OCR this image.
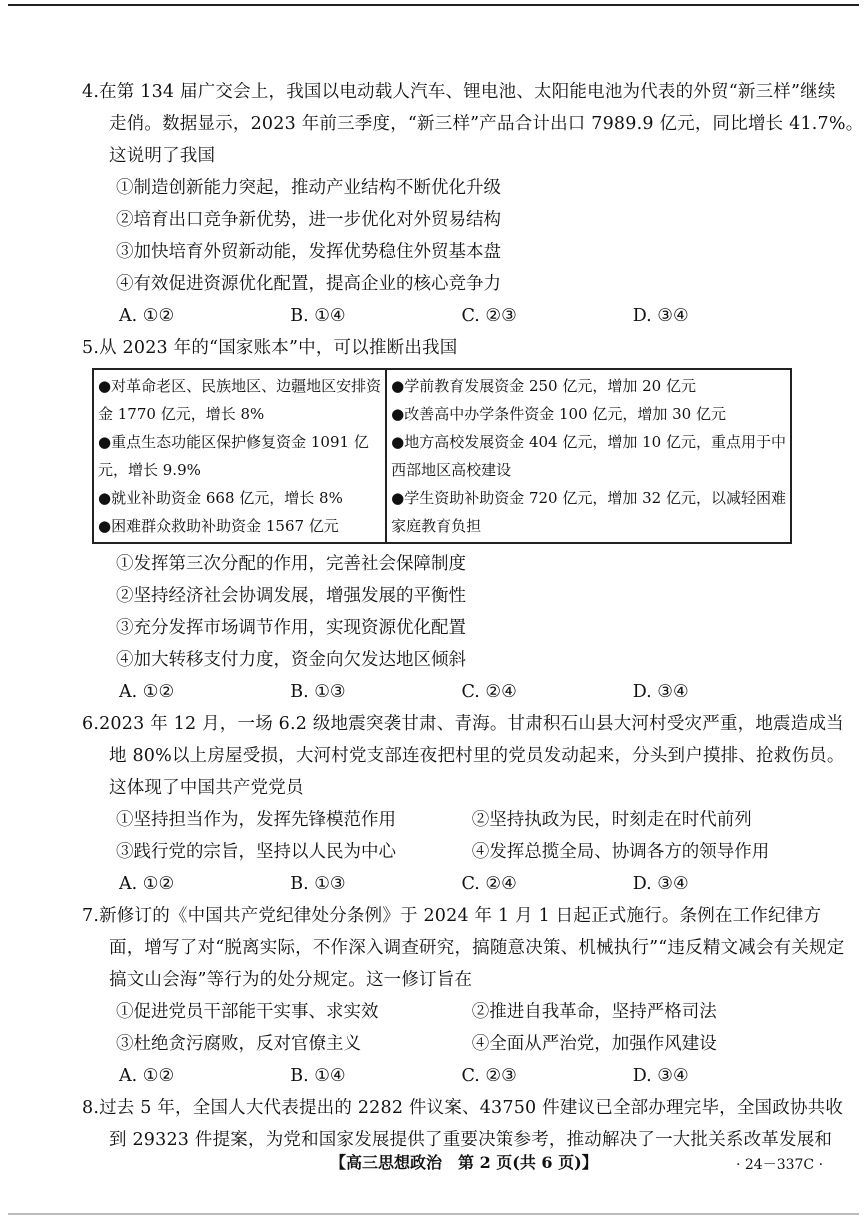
4.在第 134 届广交会上，我国以电动载人汽车、锂电池、太阳能电池为代表的外贸“新三样”继续
走俏。数据显示，2023 年前三季度，“新三样”产品合计出口 7989.9 亿元，同比增长 41.7%。
这说明了我国
①制造创新能力突起，推动产业结构不断优化升级
②培育出口竞争新优势，进一步优化对外贸易结构
③加快培育外贸新动能，发挥优势稳住外贸基本盘
④有效促进资源优化配置，提高企业的核心竞争力
A. ①②	B. ①④	C. ②③	D. ③④
5.从 2023 年的“国家账本”中，可以推断出我国
●对革命老区、民族地区、边疆地区安排资
金 1770 亿元，增长 8%
●重点生态功能区保护修复资金 1091 亿
元，增长 9.9%
●就业补助资金 668 亿元，增长 8%
●困难群众救助补助资金 1567 亿元

●学前教育发展资金 250 亿元，增加 20 亿元
●改善高中办学条件资金 100 亿元，增加 30 亿元
●地方高校发展资金 404 亿元，增加 10 亿元，重点用于中
西部地区高校建设
●学生资助补助资金 720 亿元，增加 32 亿元，以减轻困难
家庭教育负担
①发挥第三次分配的作用，完善社会保障制度
②坚持经济社会协调发展，增强发展的平衡性
③充分发挥市场调节作用，实现资源优化配置
④加大转移支付力度，资金向欠发达地区倾斜
A. ①②	B. ①③	C. ②④	D. ③④
6.2023 年 12 月，一场 6.2 级地震突袭甘肃、青海。甘肃积石山县大河村受灾严重，地震造成当
地 80%以上房屋受损，大河村党支部连夜把村里的党员发动起来，分头到户摸排、抢救伤员。
这体现了中国共产党党员
①坚持担当作为，发挥先锋模范作用	②坚持执政为民，时刻走在时代前列
③践行党的宗旨，坚持以人民为中心	④发挥总揽全局、协调各方的领导作用
A. ①②	B. ①③	C. ②④	D. ③④
7.新修订的《中国共产党纪律处分条例》于 2024 年 1 月 1 日起正式施行。条例在工作纪律方
面，增写了对“脱离实际，不作深入调查研究，搞随意决策、机械执行”“违反精文减会有关规定
搞文山会海”等行为的处分规定。这一修订旨在
①促进党员干部能干实事、求实效	②推进自我革命，坚持严格司法
③杜绝贪污腐败，反对官僚主义	④全面从严治党，加强作风建设
A. ①②	B. ①④	C. ②③	D. ③④
8.过去 5 年，全国人大代表提出的 2282 件议案、43750 件建议已全部办理完毕，全国政协共收
到 29323 件提案，为党和国家发展提供了重要决策参考，推动解决了一大批关系改革发展和
【高三思想政治　第 2 页(共 6 页)】	· 24－337C ·
